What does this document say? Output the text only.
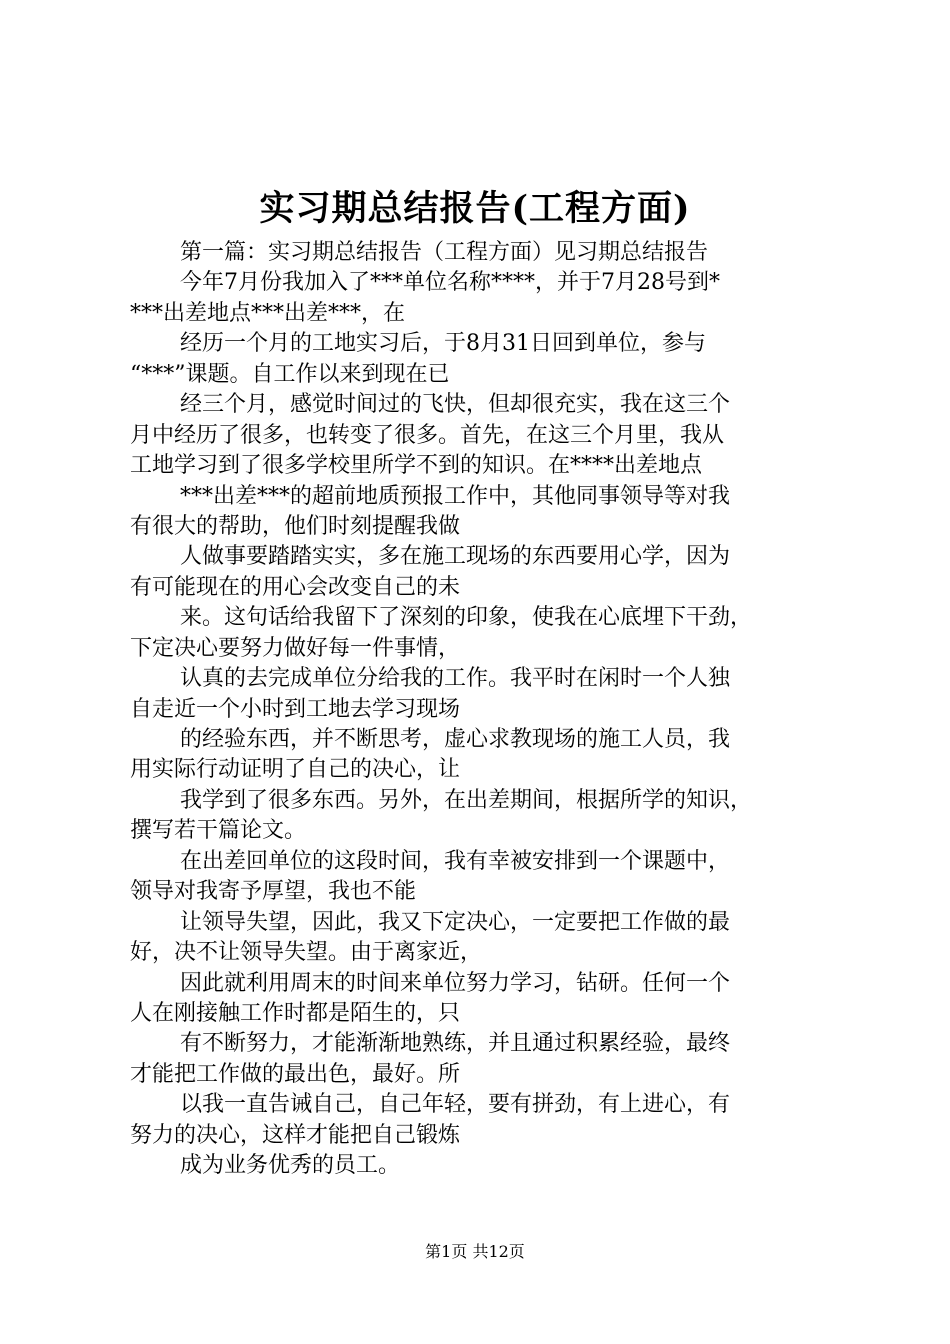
实习期总结报告(工程方面)
第一篇：实习期总结报告（工程方面）见习期总结报告
今年7月份我加入了***单位名称****，并于7月28号到*
***出差地点***出差***，在
经历一个月的工地实习后，于8月31日回到单位，参与
“***”课题。自工作以来到现在已
经三个月，感觉时间过的飞快，但却很充实，我在这三个
月中经历了很多，也转变了很多。首先，在这三个月里，我从
工地学习到了很多学校里所学不到的知识。在****出差地点
***出差***的超前地质预报工作中，其他同事领导等对我
有很大的帮助，他们时刻提醒我做
人做事要踏踏实实，多在施工现场的东西要用心学，因为
有可能现在的用心会改变自己的未
来。这句话给我留下了深刻的印象，使我在心底埋下干劲，
下定决心要努力做好每一件事情，
认真的去完成单位分给我的工作。我平时在闲时一个人独
自走近一个小时到工地去学习现场
的经验东西，并不断思考，虚心求教现场的施工人员，我
用实际行动证明了自己的决心，让
我学到了很多东西。另外，在出差期间，根据所学的知识，
撰写若干篇论文。
在出差回单位的这段时间，我有幸被安排到一个课题中，
领导对我寄予厚望，我也不能
让领导失望，因此，我又下定决心，一定要把工作做的最
好，决不让领导失望。由于离家近，
因此就利用周末的时间来单位努力学习，钻研。任何一个
人在刚接触工作时都是陌生的，只
有不断努力，才能渐渐地熟练，并且通过积累经验，最终
才能把工作做的最出色，最好。所
以我一直告诫自己，自己年轻，要有拼劲，有上进心，有
努力的决心，这样才能把自己锻炼
成为业务优秀的员工。
第1页 共12页
